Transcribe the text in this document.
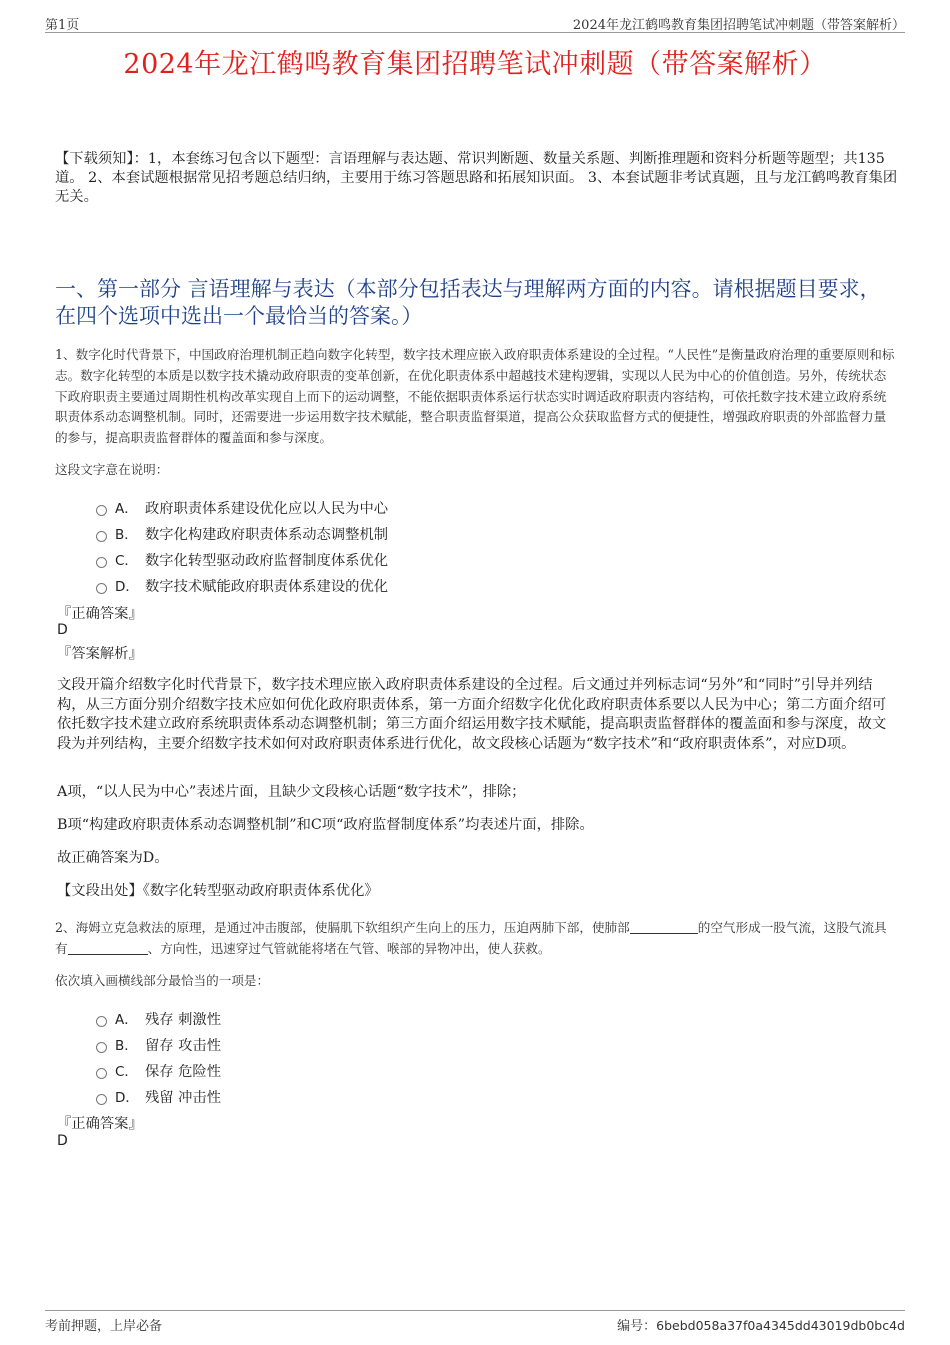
第1页	2024年龙江鹤鸣教育集团招聘笔试冲刺题（带答案解析）
2024年龙江鹤鸣教育集团招聘笔试冲刺题（带答案解析）
【下载须知】：1，本套练习包含以下题型：言语理解与表达题、常识判断题、数量关系题、判断推理题和资料分析题等题型；共135道。 2、本套试题根据常见招考题总结归纳，主要用于练习答题思路和拓展知识面。 3、本套试题非考试真题，且与龙江鹤鸣教育集团无关。
一、第一部分 言语理解与表达（本部分包括表达与理解两方面的内容。请根据题目要求，在四个选项中选出一个最恰当的答案。）
1、数字化时代背景下，中国政府治理机制正趋向数字化转型，数字技术理应嵌入政府职责体系建设的全过程。“人民性”是衡量政府治理的重要原则和标志。数字化转型的本质是以数字技术撬动政府职责的变革创新，在优化职责体系中超越技术建构逻辑，实现以人民为中心的价值创造。另外，传统状态下政府职责主要通过周期性机构改革实现自上而下的运动调整，不能依据职责体系运行状态实时调适政府职责内容结构，可依托数字技术建立政府系统职责体系动态调整机制。同时，还需要进一步运用数字技术赋能，整合职责监督渠道，提高公众获取监督方式的便捷性，增强政府职责的外部监督力量的参与，提高职责监督群体的覆盖面和参与深度。
这段文字意在说明：
A． 政府职责体系建设优化应以人民为中心
B． 数字化构建政府职责体系动态调整机制
C． 数字化转型驱动政府监督制度体系优化
D． 数字技术赋能政府职责体系建设的优化
『正确答案』
D
『答案解析』
文段开篇介绍数字化时代背景下，数字技术理应嵌入政府职责体系建设的全过程。后文通过并列标志词“另外”和“同时”引导并列结构，从三方面分别介绍数字技术应如何优化政府职责体系，第一方面介绍数字化优化政府职责体系要以人民为中心；第二方面介绍可依托数字技术建立政府系统职责体系动态调整机制；第三方面介绍运用数字技术赋能，提高职责监督群体的覆盖面和参与深度，故文段为并列结构，主要介绍数字技术如何对政府职责体系进行优化，故文段核心话题为“数字技术”和“政府职责体系”，对应D项。
A项，“以人民为中心”表述片面，且缺少文段核心话题“数字技术”，排除；
B项“构建政府职责体系动态调整机制”和C项“政府监督制度体系”均表述片面，排除。
故正确答案为D。
【文段出处】《数字化转型驱动政府职责体系优化》
2、海姆立克急救法的原理，是通过冲击腹部，使膈肌下软组织产生向上的压力，压迫两肺下部，使肺部	的空气形成一股气流，这股气流具有	、方向性，迅速穿过气管就能将堵在气管、喉部的异物冲出，使人获救。
依次填入画横线部分最恰当的一项是：
A． 残存 刺激性
B． 留存 攻击性
C． 保存 危险性
D． 残留 冲击性
『正确答案』
D
考前押题，上岸必备	编号：6bebd058a37f0a4345dd43019db0bc4d
